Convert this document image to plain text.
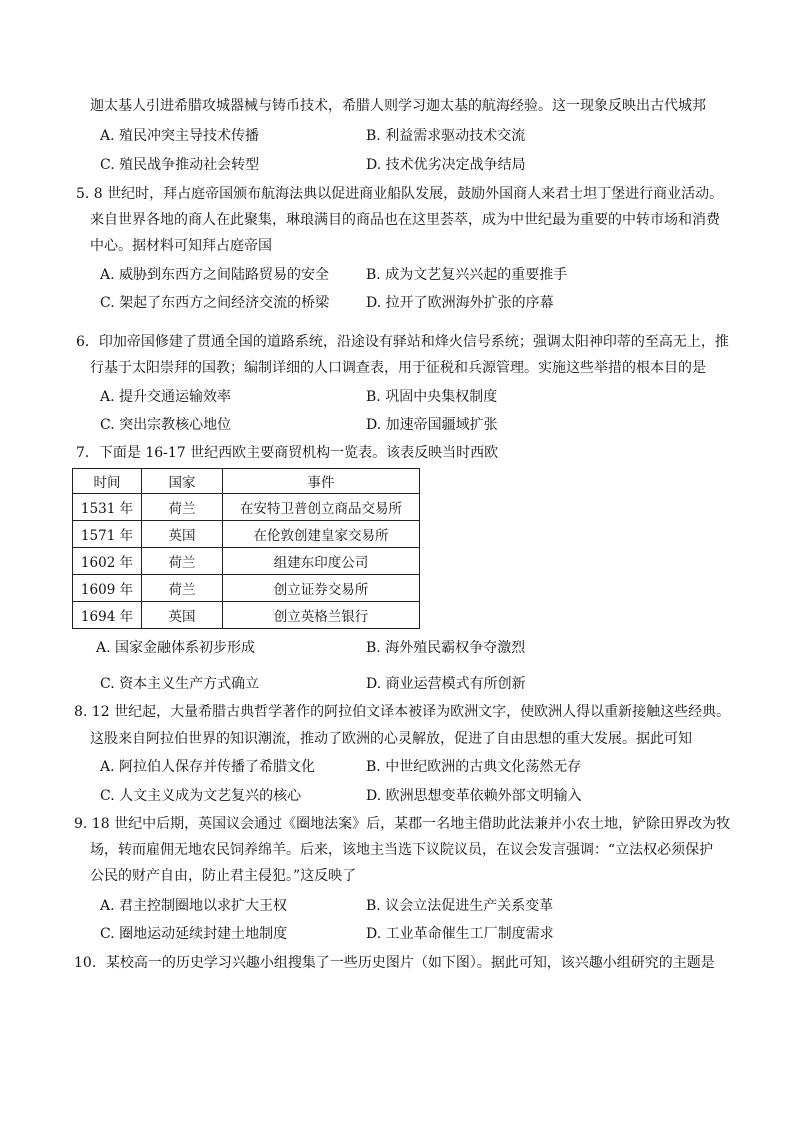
迦太基人引进希腊攻城器械与铸币技术，希腊人则学习迦太基的航海经验。这一现象反映出古代城邦
A. 殖民冲突主导技术传播	B. 利益需求驱动技术交流
C. 殖民战争推动社会转型	D. 技术优劣决定战争结局
5. 8 世纪时，拜占庭帝国颁布航海法典以促进商业船队发展，鼓励外国商人来君士坦丁堡进行商业活动。
来自世界各地的商人在此聚集，琳琅满目的商品也在这里荟萃，成为中世纪最为重要的中转市场和消费
中心。据材料可知拜占庭帝国
A. 威胁到东西方之间陆路贸易的安全	B. 成为文艺复兴兴起的重要推手
C. 架起了东西方之间经济交流的桥梁	D. 拉开了欧洲海外扩张的序幕
6．印加帝国修建了贯通全国的道路系统，沿途设有驿站和烽火信号系统；强调太阳神印蒂的至高无上，推
行基于太阳崇拜的国教；编制详细的人口调查表，用于征税和兵源管理。实施这些举措的根本目的是
A. 提升交通运输效率	B. 巩固中央集权制度
C. 突出宗教核心地位	D. 加速帝国疆域扩张
7．下面是 16-17 世纪西欧主要商贸机构一览表。该表反映当时西欧
时间	国家	事件
1531 年	荷兰	在安特卫普创立商品交易所
1571 年	英国	在伦敦创建皇家交易所
1602 年	荷兰	组建东印度公司
1609 年	荷兰	创立证券交易所
1694 年	英国	创立英格兰银行
A. 国家金融体系初步形成	B. 海外殖民霸权争夺激烈
C. 资本主义生产方式确立	D. 商业运营模式有所创新
8. 12 世纪起，大量希腊古典哲学著作的阿拉伯文译本被译为欧洲文字，使欧洲人得以重新接触这些经典。
这股来自阿拉伯世界的知识潮流，推动了欧洲的心灵解放，促进了自由思想的重大发展。据此可知
A. 阿拉伯人保存并传播了希腊文化	B. 中世纪欧洲的古典文化荡然无存
C. 人文主义成为文艺复兴的核心	D. 欧洲思想变革依赖外部文明输入
9. 18 世纪中后期，英国议会通过《圈地法案》后，某郡一名地主借助此法兼并小农土地，铲除田界改为牧
场，转而雇佣无地农民饲养绵羊。后来，该地主当选下议院议员，在议会发言强调：“立法权必须保护
公民的财产自由，防止君主侵犯。”这反映了
A. 君主控制圈地以求扩大王权	B. 议会立法促进生产关系变革
C. 圈地运动延续封建土地制度	D. 工业革命催生工厂制度需求
10．某校高一的历史学习兴趣小组搜集了一些历史图片（如下图）。据此可知，该兴趣小组研究的主题是
